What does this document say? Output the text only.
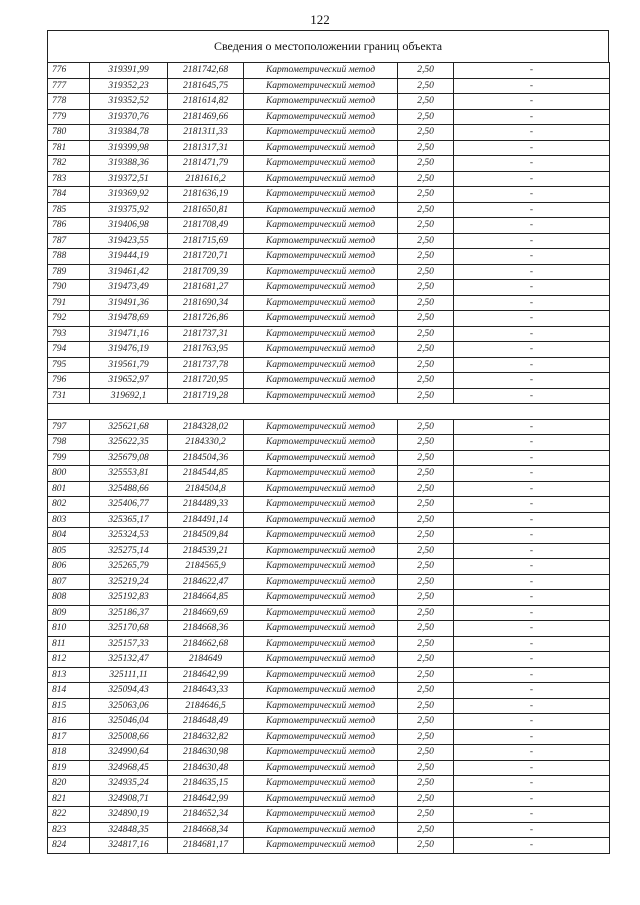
122
Сведения о местоположении границ объекта
776	319391,99	2181742,68	Картометрический метод	2,50	-
777	319352,23	2181645,75	Картометрический метод	2,50	-
778	319352,52	2181614,82	Картометрический метод	2,50	-
779	319370,76	2181469,66	Картометрический метод	2,50	-
780	319384,78	2181311,33	Картометрический метод	2,50	-
781	319399,98	2181317,31	Картометрический метод	2,50	-
782	319388,36	2181471,79	Картометрический метод	2,50	-
783	319372,51	2181616,2	Картометрический метод	2,50	-
784	319369,92	2181636,19	Картометрический метод	2,50	-
785	319375,92	2181650,81	Картометрический метод	2,50	-
786	319406,98	2181708,49	Картометрический метод	2,50	-
787	319423,55	2181715,69	Картометрический метод	2,50	-
788	319444,19	2181720,71	Картометрический метод	2,50	-
789	319461,42	2181709,39	Картометрический метод	2,50	-
790	319473,49	2181681,27	Картометрический метод	2,50	-
791	319491,36	2181690,34	Картометрический метод	2,50	-
792	319478,69	2181726,86	Картометрический метод	2,50	-
793	319471,16	2181737,31	Картометрический метод	2,50	-
794	319476,19	2181763,95	Картометрический метод	2,50	-
795	319561,79	2181737,78	Картометрический метод	2,50	-
796	319652,97	2181720,95	Картометрический метод	2,50	-
731	319692,1	2181719,28	Картометрический метод	2,50	-

797	325621,68	2184328,02	Картометрический метод	2,50	-
798	325622,35	2184330,2	Картометрический метод	2,50	-
799	325679,08	2184504,36	Картометрический метод	2,50	-
800	325553,81	2184544,85	Картометрический метод	2,50	-
801	325488,66	2184504,8	Картометрический метод	2,50	-
802	325406,77	2184489,33	Картометрический метод	2,50	-
803	325365,17	2184491,14	Картометрический метод	2,50	-
804	325324,53	2184509,84	Картометрический метод	2,50	-
805	325275,14	2184539,21	Картометрический метод	2,50	-
806	325265,79	2184565,9	Картометрический метод	2,50	-
807	325219,24	2184622,47	Картометрический метод	2,50	-
808	325192,83	2184664,85	Картометрический метод	2,50	-
809	325186,37	2184669,69	Картометрический метод	2,50	-
810	325170,68	2184668,36	Картометрический метод	2,50	-
811	325157,33	2184662,68	Картометрический метод	2,50	-
812	325132,47	2184649	Картометрический метод	2,50	-
813	325111,11	2184642,99	Картометрический метод	2,50	-
814	325094,43	2184643,33	Картометрический метод	2,50	-
815	325063,06	2184646,5	Картометрический метод	2,50	-
816	325046,04	2184648,49	Картометрический метод	2,50	-
817	325008,66	2184632,82	Картометрический метод	2,50	-
818	324990,64	2184630,98	Картометрический метод	2,50	-
819	324968,45	2184630,48	Картометрический метод	2,50	-
820	324935,24	2184635,15	Картометрический метод	2,50	-
821	324908,71	2184642,99	Картометрический метод	2,50	-
822	324890,19	2184652,34	Картометрический метод	2,50	-
823	324848,35	2184668,34	Картометрический метод	2,50	-
824	324817,16	2184681,17	Картометрический метод	2,50	-
